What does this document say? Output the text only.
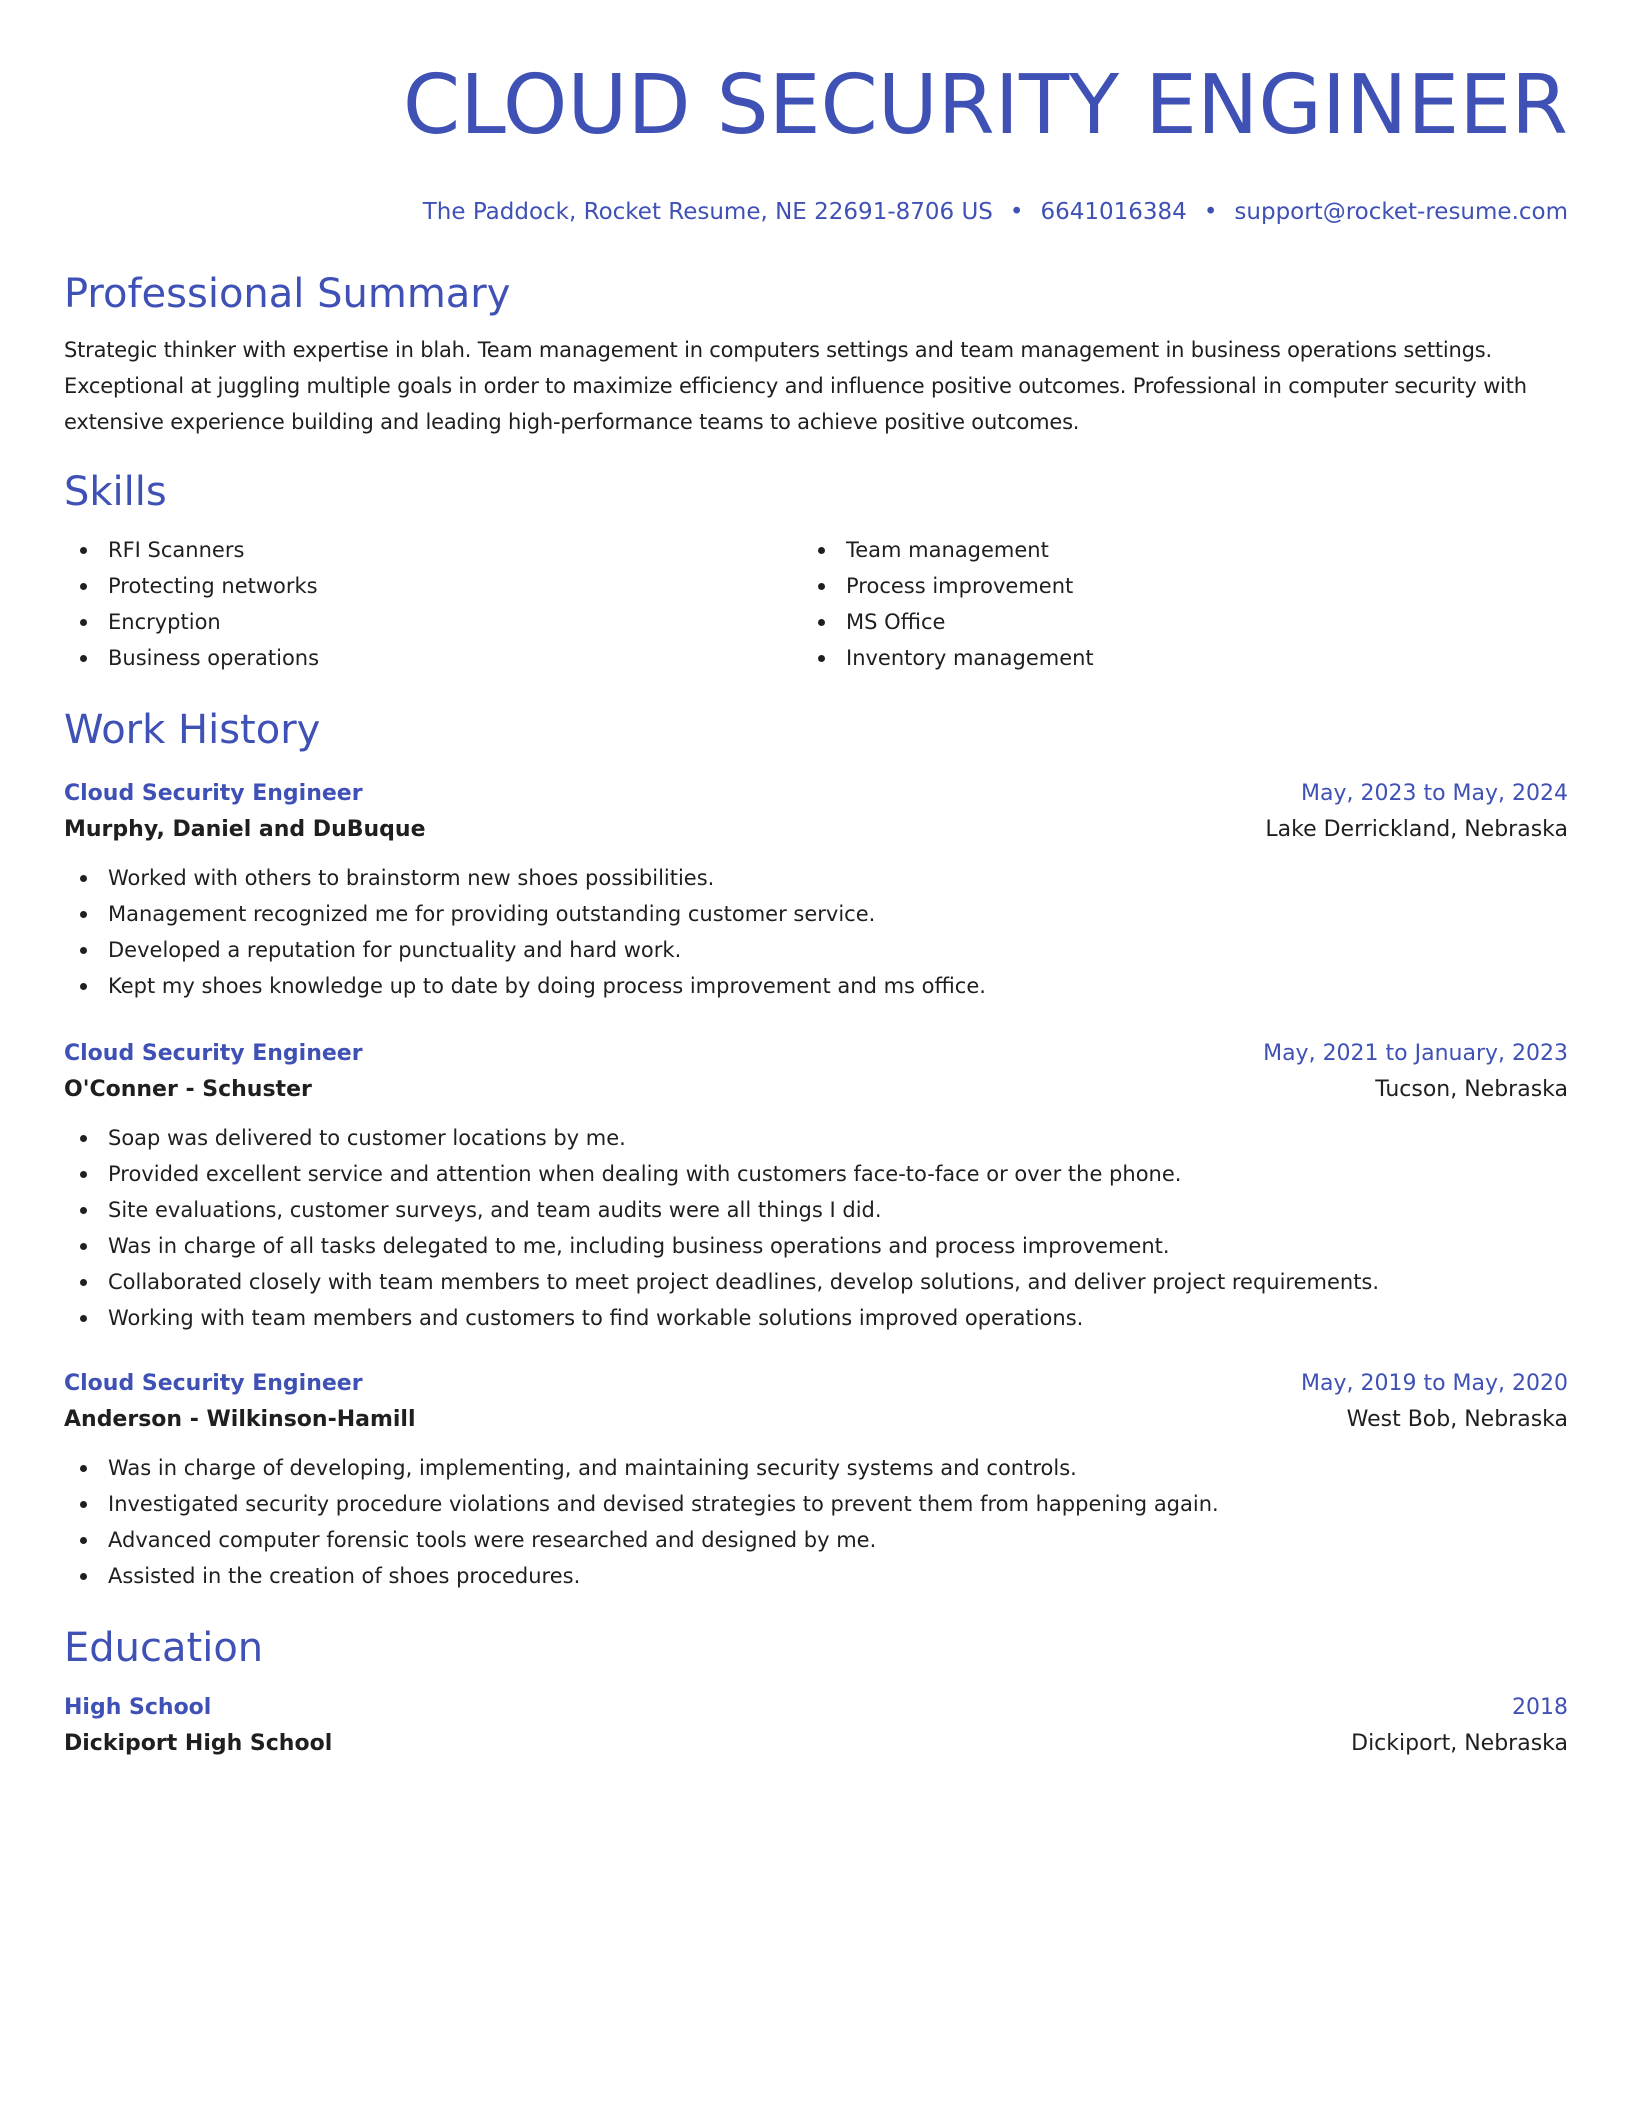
CLOUD SECURITY ENGINEER
The Paddock, Rocket Resume, NE 22691-8706 US • 6641016384 • support@rocket-resume.com
Professional Summary
Strategic thinker with expertise in blah. Team management in computers settings and team management in business operations settings. Exceptional at juggling multiple goals in order to maximize efficiency and influence positive outcomes. Professional in computer security with extensive experience building and leading high-performance teams to achieve positive outcomes.
Skills
RFI Scanners
Protecting networks
Encryption
Business operations
Team management
Process improvement
MS Office
Inventory management
Work History
Cloud Security Engineer	May, 2023 to May, 2024
Murphy, Daniel and DuBuque	Lake Derrickland, Nebraska
Worked with others to brainstorm new shoes possibilities.
Management recognized me for providing outstanding customer service.
Developed a reputation for punctuality and hard work.
Kept my shoes knowledge up to date by doing process improvement and ms office.
Cloud Security Engineer	May, 2021 to January, 2023
O'Conner - Schuster	Tucson, Nebraska
Soap was delivered to customer locations by me.
Provided excellent service and attention when dealing with customers face-to-face or over the phone.
Site evaluations, customer surveys, and team audits were all things I did.
Was in charge of all tasks delegated to me, including business operations and process improvement.
Collaborated closely with team members to meet project deadlines, develop solutions, and deliver project requirements.
Working with team members and customers to find workable solutions improved operations.
Cloud Security Engineer	May, 2019 to May, 2020
Anderson - Wilkinson-Hamill	West Bob, Nebraska
Was in charge of developing, implementing, and maintaining security systems and controls.
Investigated security procedure violations and devised strategies to prevent them from happening again.
Advanced computer forensic tools were researched and designed by me.
Assisted in the creation of shoes procedures.
Education
High School	2018
Dickiport High School	Dickiport, Nebraska
